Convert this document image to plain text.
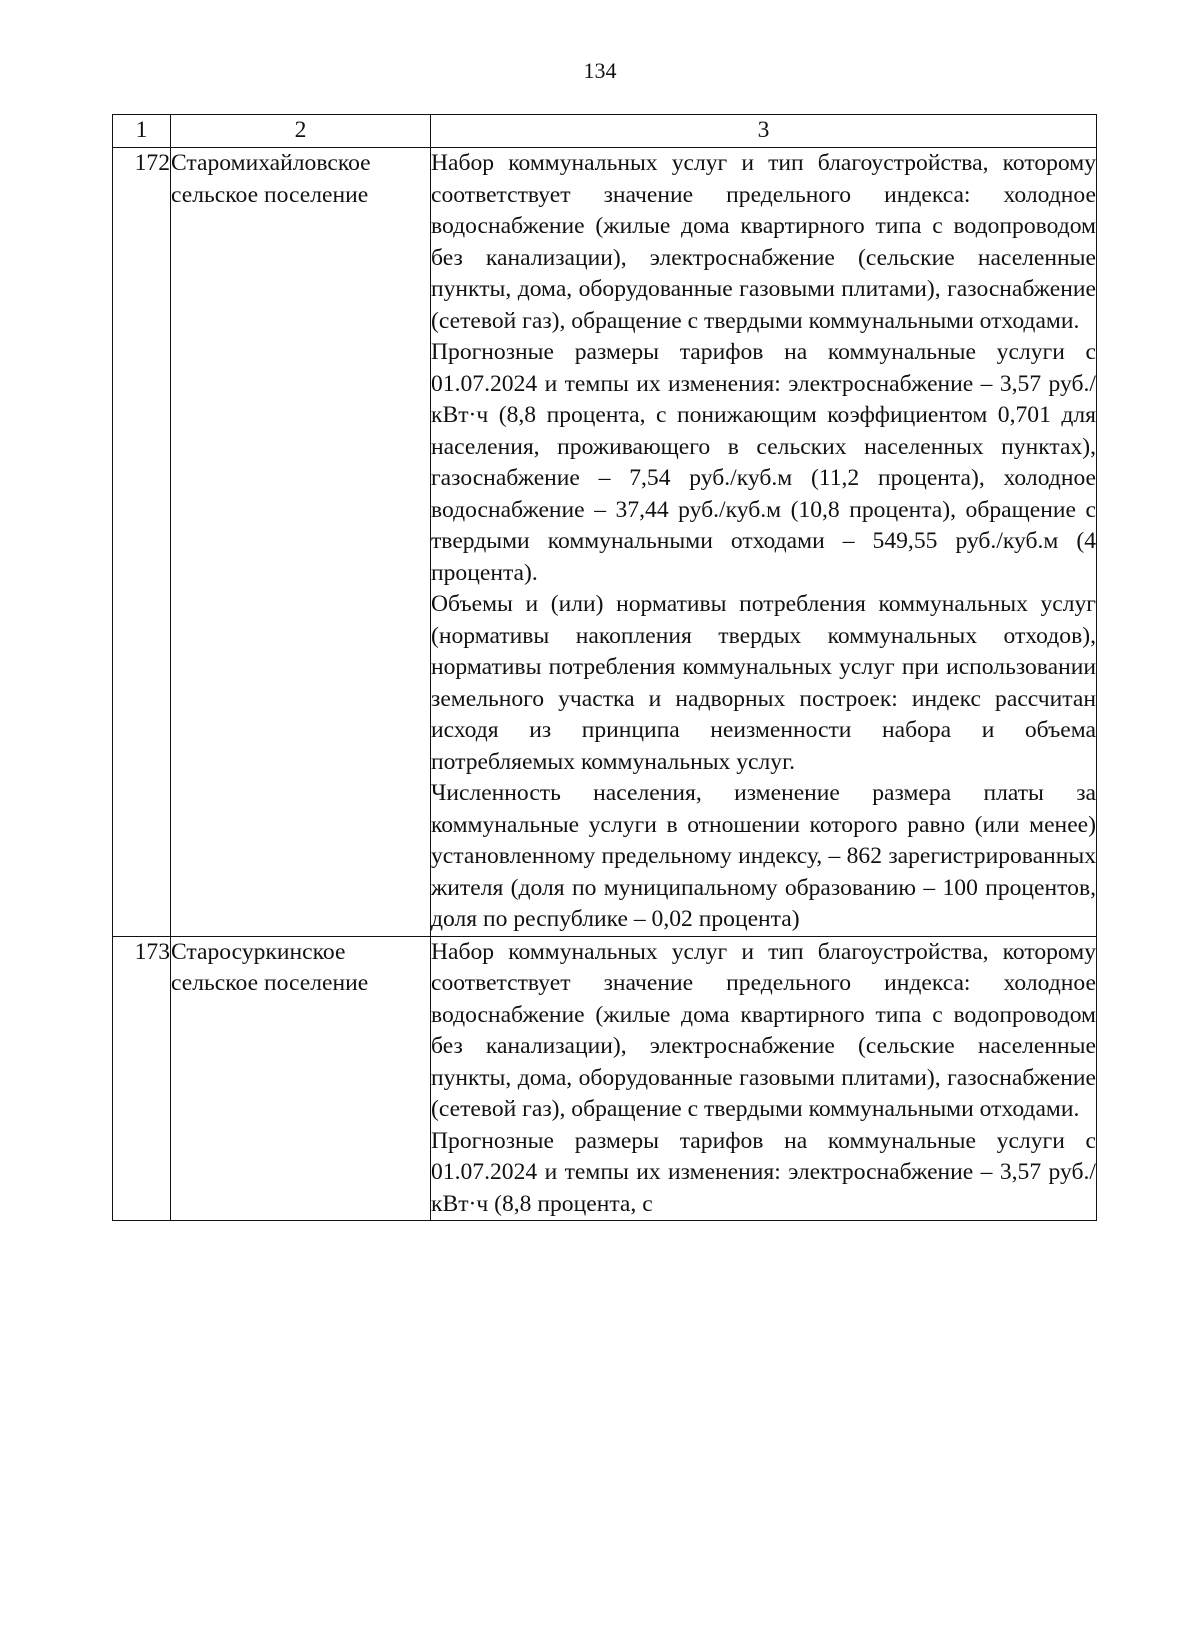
134
1	2	3
172	Старомихайловское сельское поселение	Набор коммунальных услуг и тип благоустройства, которому соответствует значение предельного индекса: холодное водоснабжение (жилые дома квартирного типа с водопроводом без канализации), электроснабжение (сельские населенные пункты, дома, оборудованные газовыми плитами), газоснабжение (сетевой газ), обращение с твердыми коммунальными отходами.

Прогнозные размеры тарифов на коммунальные услуги с 01.07.2024 и темпы их изменения: электроснабжение – 3,57 руб./кВт·ч (8,8 процента, с понижающим коэффициентом 0,701 для населения, проживающего в сельских населенных пунктах), газоснабжение – 7,54 руб./куб.м (11,2 процента), холодное водоснабжение – 37,44 руб./куб.м (10,8 процента), обращение с твердыми коммунальными отходами – 549,55 руб./куб.м (4 процента).

Объемы и (или) нормативы потребления коммунальных услуг (нормативы накопления твердых коммунальных отходов), нормативы потребления коммунальных услуг при использовании земельного участка и надворных построек: индекс рассчитан исходя из принципа неизменности набора и объема потребляемых коммунальных услуг.

Численность населения, изменение размера платы за коммунальные услуги в отношении которого равно (или менее) установленному предельному индексу, – 862 зарегистрированных жителя (доля по муниципальному образованию – 100 процентов, доля по республике – 0,02 процента)

173	Старосуркинское сельское поселение	Набор коммунальных услуг и тип благоустройства, которому соответствует значение предельного индекса: холодное водоснабжение (жилые дома квартирного типа с водопроводом без канализации), электроснабжение (сельские населенные пункты, дома, оборудованные газовыми плитами), газоснабжение (сетевой газ), обращение с твердыми коммунальными отходами.

Прогнозные размеры тарифов на коммунальные услуги с 01.07.2024 и темпы их изменения: электроснабжение – 3,57 руб./кВт·ч (8,8 процента, с
